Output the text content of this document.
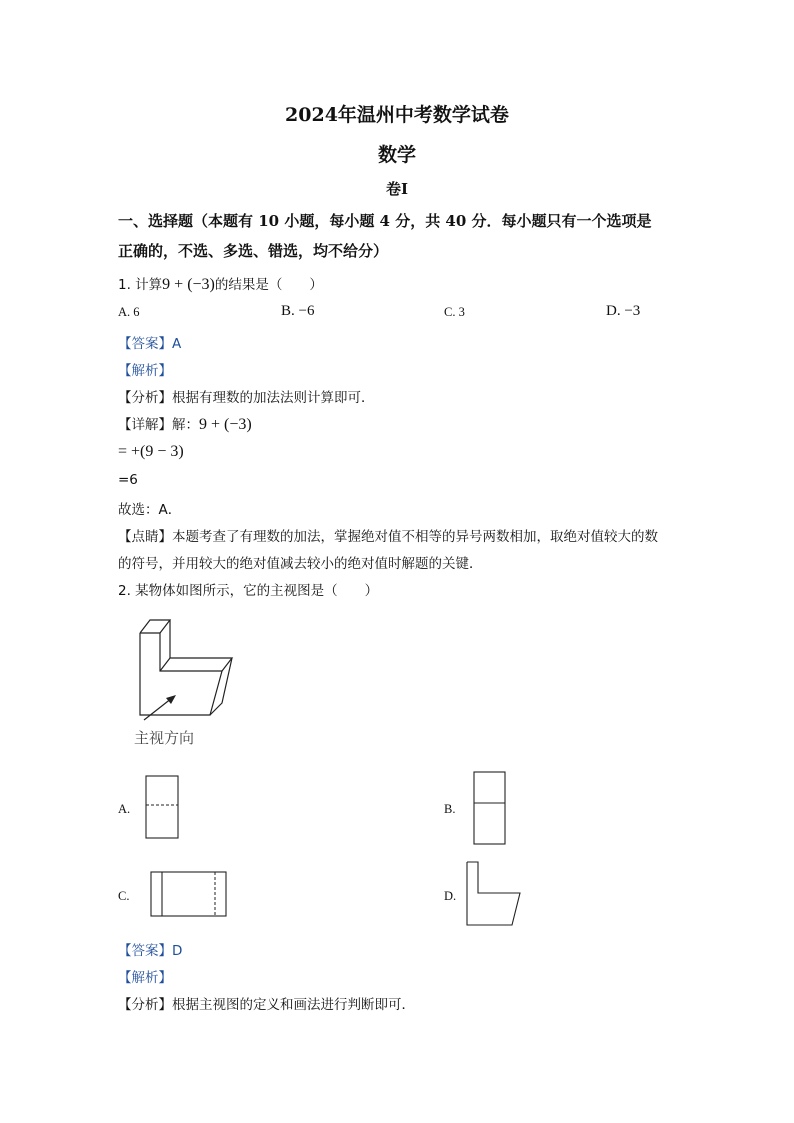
2024年温州中考数学试卷
数学
卷Ⅰ
一、选择题（本题有 10 小题，每小题 4 分，共 40 分．每小题只有一个选项是
正确的，不选、多选、错选，均不给分）
1. 计算9 + (−3)的结果是（　　）
A. 6	B. −6	C. 3	D. −3
【答案】A
【解析】
【分析】根据有理数的加法法则计算即可．
【详解】解：9 + (−3)
= +(9 − 3)
=6
故选：A．
【点睛】本题考查了有理数的加法，掌握绝对值不相等的异号两数相加，取绝对值较大的数
的符号，并用较大的绝对值减去较小的绝对值时解题的关键．
2. 某物体如图所示，它的主视图是（　　）
主视方向
A.	B.
C.	D.
【答案】D
【解析】
【分析】根据主视图的定义和画法进行判断即可．
